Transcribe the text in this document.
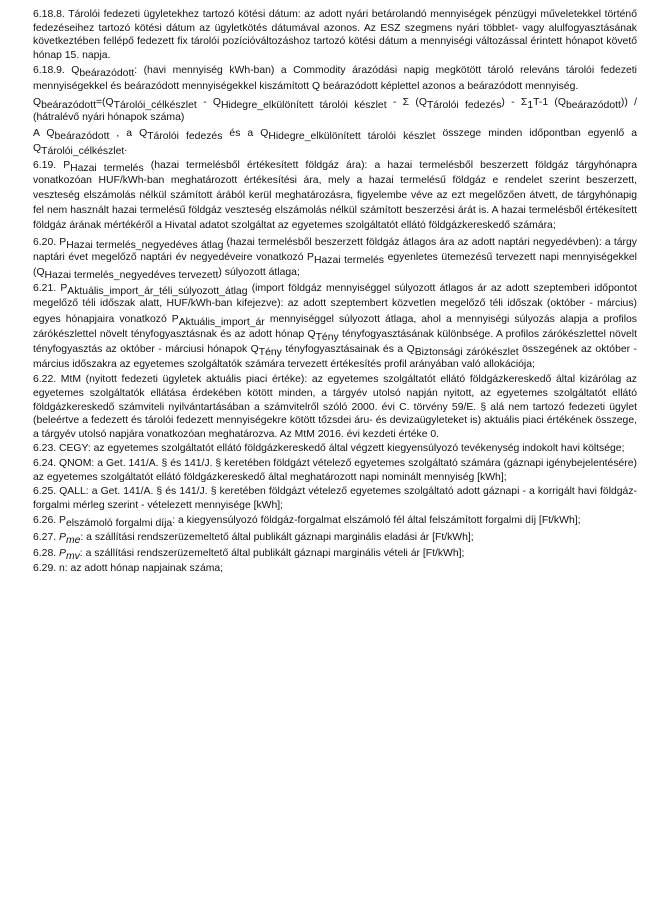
6.18.8. Tárolói fedezeti ügyletekhez tartozó kötési dátum: az adott nyári betárolandó mennyiségek pénzügyi műveletekkel történő fedezéseihez tartozó kötési dátum az ügyletkötés dátumával azonos. Az ESZ szegmens nyári többlet- vagy alulfogyasztásának következtében fellépő fedezett fix tárolói pozícióváltozáshoz tartozó kötési dátum a mennyiségi változással érintett hónapot követő hónap 15. napja.

6.18.9. $Q_{beárazódott}$: (havi mennyiség kWh-ban) a Commodity árazódási napig megkötött tároló releváns tárolói fedezeti mennyiségekkel és beárazódott mennyiségekkel kiszámított Q beárazódott képlettel azonos a beárazódott mennyiség.

$Q_{beárazódott}=(Q_{Tárolói\_célkészlet} - Q_{Hidegre\_elkülönített tárolói készlet} - \Sigma$ $(Q_{Tárolói fedezés}) - \Sigma_1T-1$ $(Q_{beárazódott})$) / (hátralévő nyári hónapok száma)

A $Q_{beárazódott}$ , a $Q_{Tárolói fedezés}$ és a $Q_{Hidegre\_elkülönített tárolói készlet}$ összege minden időpontban egyenlő a $Q_{Tárolói\_célkészlet}$.

6.19. $P_{Hazai termelés}$ (hazai termelésből értékesített földgáz ára): a hazai termelésből beszerzett földgáz tárgyhónapra vonatkozóan HUF/kWh-ban meghatározott értékesítési ára, mely a hazai termelésű földgáz e rendelet szerint beszerzett, veszteség elszámolás nélkül számított árából kerül meghatározásra, figyelembe véve az ezt megelőzően átvett, de tárgyhónapig fel nem használt hazai termelésű földgáz veszteség elszámolás nélkül számított beszerzési árát is. A hazai termelésből értékesített földgáz árának mértékéről a Hivatal adatot szolgáltat az egyetemes szolgáltatót ellátó földgázkereskedő számára;

6.20. $P_{Hazai termelés\_negyedéves átlag}$ (hazai termelésből beszerzett földgáz átlagos ára az adott naptári negyedévben): a tárgy naptári évet megelőző naptári év negyedéveire vonatkozó $P_{Hazai termelés}$ egyenletes ütemezésű tervezett napi mennyiségekkel $(Q_{Hazai termelés\_negyedéves tervezett})$ súlyozott átlaga;

6.21. $P_{Aktuális\_import\_ár\_téli\_súlyozott\_átlag}$ (import földgáz mennyiséggel súlyozott átlagos ár az adott szeptemberi időpontot megelőző téli időszak alatt, HUF/kWh-ban kifejezve): az adott szeptembert közvetlen megelőző téli időszak (október - március) egyes hónapjaira vonatkozó $P_{Aktuális\_import\_ár}$ mennyiséggel súlyozott átlaga, ahol a mennyiségi súlyozás alapja a profilos zárókészlettel növelt tényfogyasztásnak és az adott hónap $Q_{Tény}$ tényfogyasztásának különbsége. A profilos zárókészlettel növelt tényfogyasztás az október - márciusi hónapok $Q_{Tény}$ tényfogyasztásainak és a $Q_{Biztonsági zárókészlet}$ összegének az október - március időszakra az egyetemes szolgáltatók számára tervezett értékesítés profil arányában való allokációja;

6.22. MtM (nyitott fedezeti ügyletek aktuális piaci értéke): az egyetemes szolgáltatót ellátó földgázkereskedő által kizárólag az egyetemes szolgáltatók ellátása érdekében kötött minden, a tárgyév utolsó napján nyitott, az egyetemes szolgáltatót ellátó földgázkereskedő számviteli nyilvántartásában a számvitelről szóló 2000. évi C. törvény 59/E. § alá nem tartozó fedezeti ügylet (beleértve a fedezett és tárolói fedezett mennyiségekre kötött tőzsdei áru- és devizaügyleteket is) aktuális piaci értékének összege, a tárgyév utolsó napjára vonatkozóan meghatározva. Az MtM 2016. évi kezdeti értéke 0.

6.23. CEGY: az egyetemes szolgáltatót ellátó földgázkereskedő által végzett kiegyensúlyozó tevékenység indokolt havi költsége;

6.24. QNOM: a Get. 141/A. § és 141/J. § keretében földgázt vételező egyetemes szolgáltató számára (gáznapi igénybejelentésére) az egyetemes szolgáltatót ellátó földgázkereskedő által meghatározott napi nominált mennyiség [kWh];

6.25. QALL: a Get. 141/A. § és 141/J. § keretében földgázt vételező egyetemes szolgáltató adott gáznapi - a korrigált havi földgáz-forgalmi mérleg szerint - vételezett mennyisége [kWh];

6.26. $P_{elszámoló forgalmi díja}$: a kiegyensúlyozó földgáz-forgalmat elszámoló fél által felszámított forgalmi díj [Ft/kWh];

6.27. $P_{me}$: a szállítási rendszerüzemeltető által publikált gáznapi marginális eladási ár [Ft/kWh];

6.28. $P_{mv}$: a szállítási rendszerüzemeltető által publikált gáznapi marginális vételi ár [Ft/kWh];

6.29. n: az adott hónap napjainak száma;
